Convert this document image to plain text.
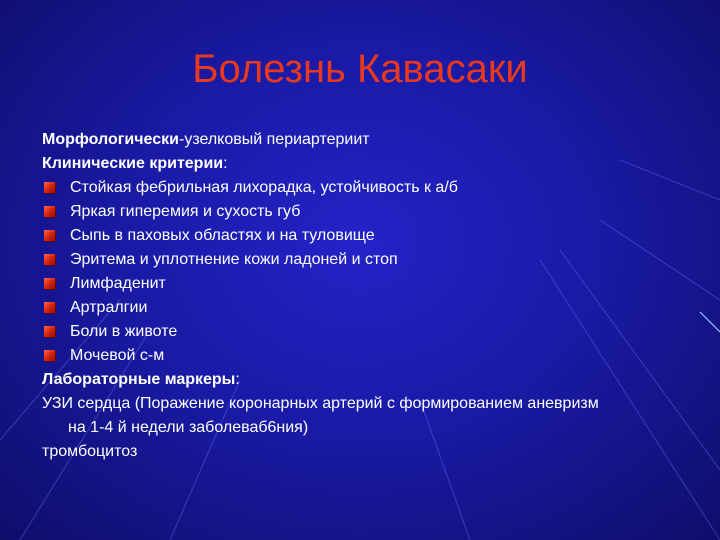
Болезнь Кавасаки
Морфологически-узелковый периартериит
Клинические критерии:
Стойкая фебрильная лихорадка, устойчивость к а/б
Яркая гиперемия и сухость губ
Сыпь в паховых областях и на туловище
Эритема и уплотнение кожи ладоней и стоп
Лимфаденит
Артралгии
Боли в животе
Мочевой с-м
Лабораторные маркеры:
УЗИ сердца (Поражение коронарных артерий с формированием аневризм
на 1-4 й недели заболеваб6ния)
тромбоцитоз
